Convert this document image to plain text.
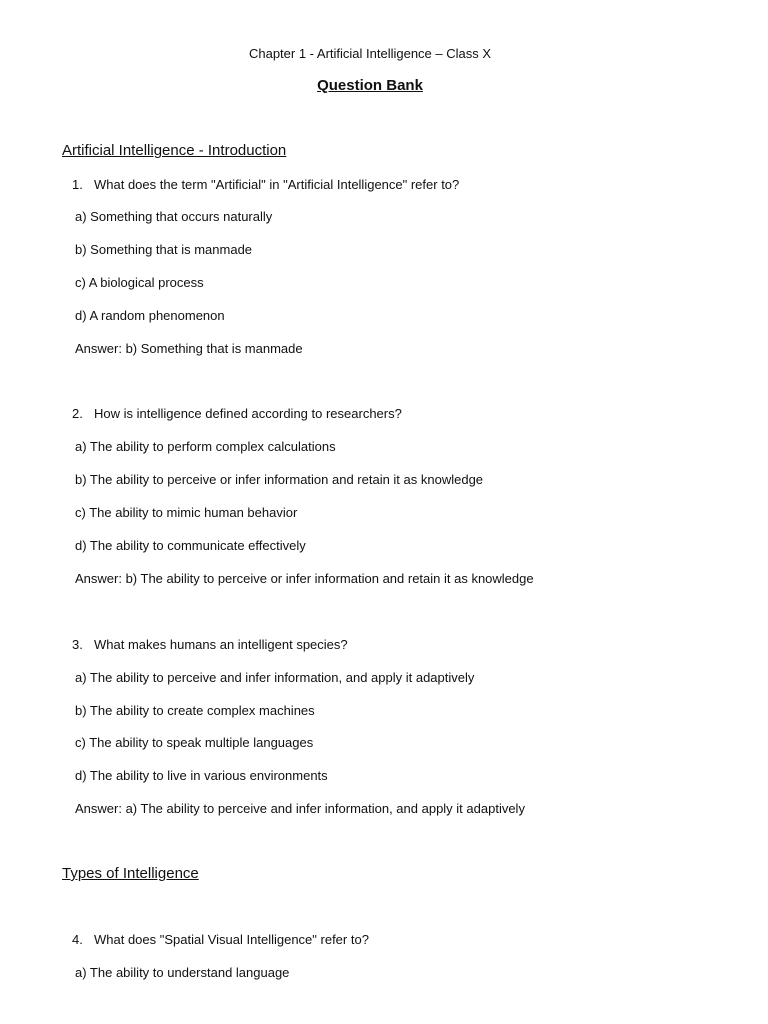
Chapter 1 - Artificial Intelligence – Class X
Question Bank
Artificial Intelligence - Introduction
1. What does the term "Artificial" in "Artificial Intelligence" refer to?
a) Something that occurs naturally
b) Something that is manmade
c) A biological process
d) A random phenomenon
Answer: b) Something that is manmade
2. How is intelligence defined according to researchers?
a) The ability to perform complex calculations
b) The ability to perceive or infer information and retain it as knowledge
c) The ability to mimic human behavior
d) The ability to communicate effectively
Answer: b) The ability to perceive or infer information and retain it as knowledge
3. What makes humans an intelligent species?
a) The ability to perceive and infer information, and apply it adaptively
b) The ability to create complex machines
c) The ability to speak multiple languages
d) The ability to live in various environments
Answer: a) The ability to perceive and infer information, and apply it adaptively
Types of Intelligence
4. What does "Spatial Visual Intelligence" refer to?
a) The ability to understand language
